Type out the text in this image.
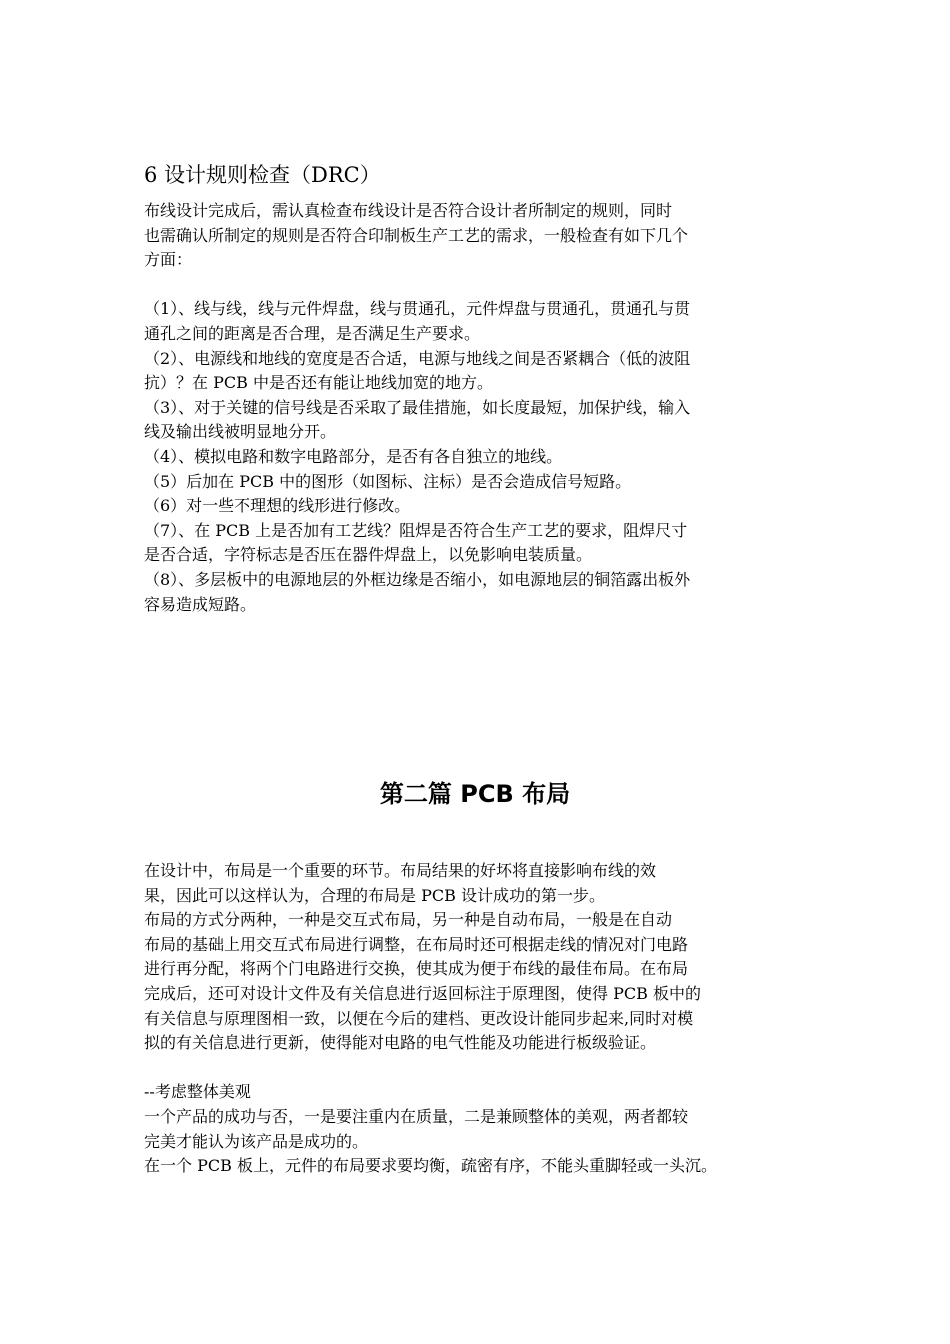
6 设计规则检查（DRC）

布线设计完成后，需认真检查布线设计是否符合设计者所制定的规则，同时

也需确认所制定的规则是否符合印制板生产工艺的需求，一般检查有如下几个

方面：

（1）、线与线，线与元件焊盘，线与贯通孔，元件焊盘与贯通孔，贯通孔与贯

通孔之间的距离是否合理，是否满足生产要求。

（2）、电源线和地线的宽度是否合适，电源与地线之间是否紧耦合（低的波阻

抗）？在 PCB 中是否还有能让地线加宽的地方。

（3）、对于关键的信号线是否采取了最佳措施，如长度最短，加保护线，输入

线及输出线被明显地分开。

（4）、模拟电路和数字电路部分，是否有各自独立的地线。

（5）后加在 PCB 中的图形（如图标、注标）是否会造成信号短路。

（6）对一些不理想的线形进行修改。

（7）、在 PCB 上是否加有工艺线？阻焊是否符合生产工艺的要求，阻焊尺寸

是否合适，字符标志是否压在器件焊盘上，以免影响电装质量。

（8）、多层板中的电源地层的外框边缘是否缩小，如电源地层的铜箔露出板外

容易造成短路。

第二篇 PCB 布局

在设计中，布局是一个重要的环节。布局结果的好坏将直接影响布线的效

果，因此可以这样认为，合理的布局是 PCB 设计成功的第一步。

布局的方式分两种，一种是交互式布局，另一种是自动布局，一般是在自动

布局的基础上用交互式布局进行调整，在布局时还可根据走线的情况对门电路

进行再分配，将两个门电路进行交换，使其成为便于布线的最佳布局。在布局

完成后，还可对设计文件及有关信息进行返回标注于原理图，使得 PCB 板中的

有关信息与原理图相一致，以便在今后的建档、更改设计能同步起来,同时对模

拟的有关信息进行更新，使得能对电路的电气性能及功能进行板级验证。

--考虑整体美观

一个产品的成功与否，一是要注重内在质量，二是兼顾整体的美观，两者都较

完美才能认为该产品是成功的。

在一个 PCB 板上，元件的布局要求要均衡，疏密有序，不能头重脚轻或一头沉。
